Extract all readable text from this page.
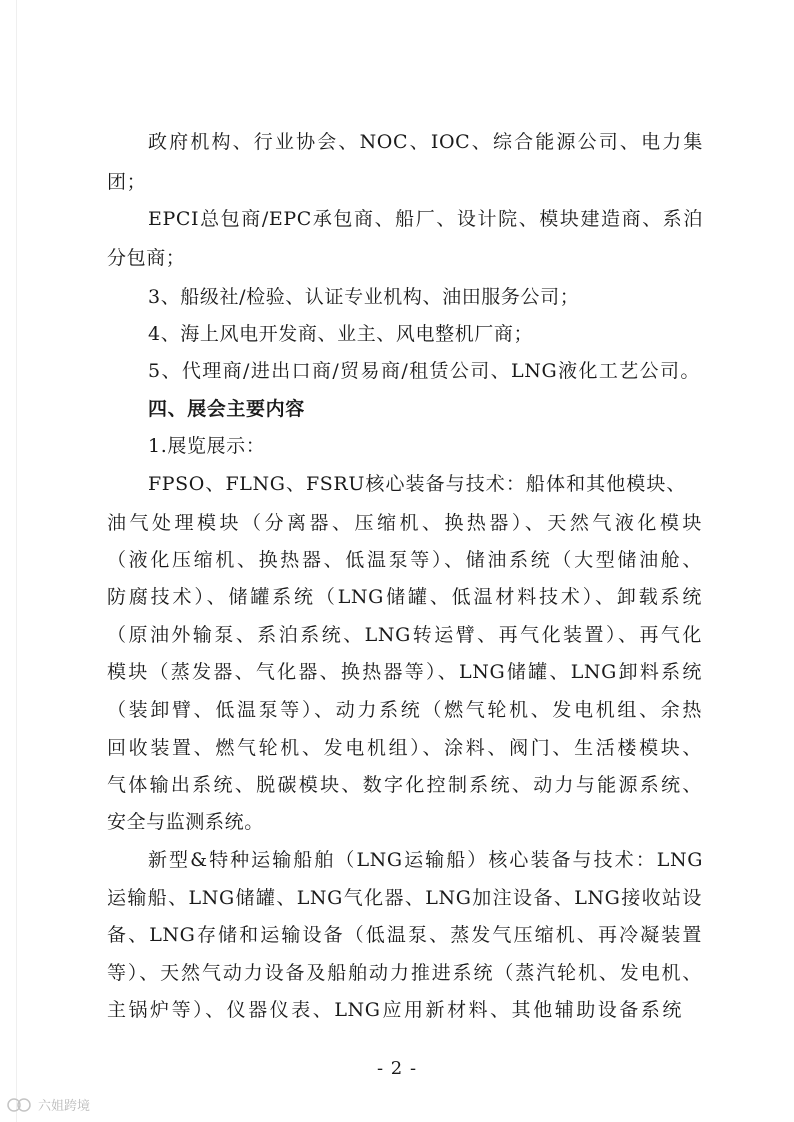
政府机构、行业协会、NOC、IOC、综合能源公司、电力集
团；
EPCI总包商/EPC承包商、船厂、设计院、模块建造商、系泊
分包商；
3、船级社/检验、认证专业机构、油田服务公司；
4、海上风电开发商、业主、风电整机厂商；
5、代理商/进出口商/贸易商/租赁公司、LNG液化工艺公司。
四、展会主要内容
1.展览展示：
FPSO、FLNG、FSRU核心装备与技术：船体和其他模块、
油气处理模块（分离器、压缩机、换热器）、天然气液化模块
（液化压缩机、换热器、低温泵等）、储油系统（大型储油舱、
防腐技术）、储罐系统（LNG储罐、低温材料技术）、卸载系统
（原油外输泵、系泊系统、LNG转运臂、再气化装置）、再气化
模块（蒸发器、气化器、换热器等）、LNG储罐、LNG卸料系统
（装卸臂、低温泵等）、动力系统（燃气轮机、发电机组、余热
回收装置、燃气轮机、发电机组）、涂料、阀门、生活楼模块、
气体输出系统、脱碳模块、数字化控制系统、动力与能源系统、
安全与监测系统。
新型&特种运输船舶（LNG运输船）核心装备与技术：LNG
运输船、LNG储罐、LNG气化器、LNG加注设备、LNG接收站设
备、LNG存储和运输设备（低温泵、蒸发气压缩机、再冷凝装置
等）、天然气动力设备及船舶动力推进系统（蒸汽轮机、发电机、
主锅炉等）、仪器仪表、LNG应用新材料、其他辅助设备系统
- 2 -
六姐跨境
